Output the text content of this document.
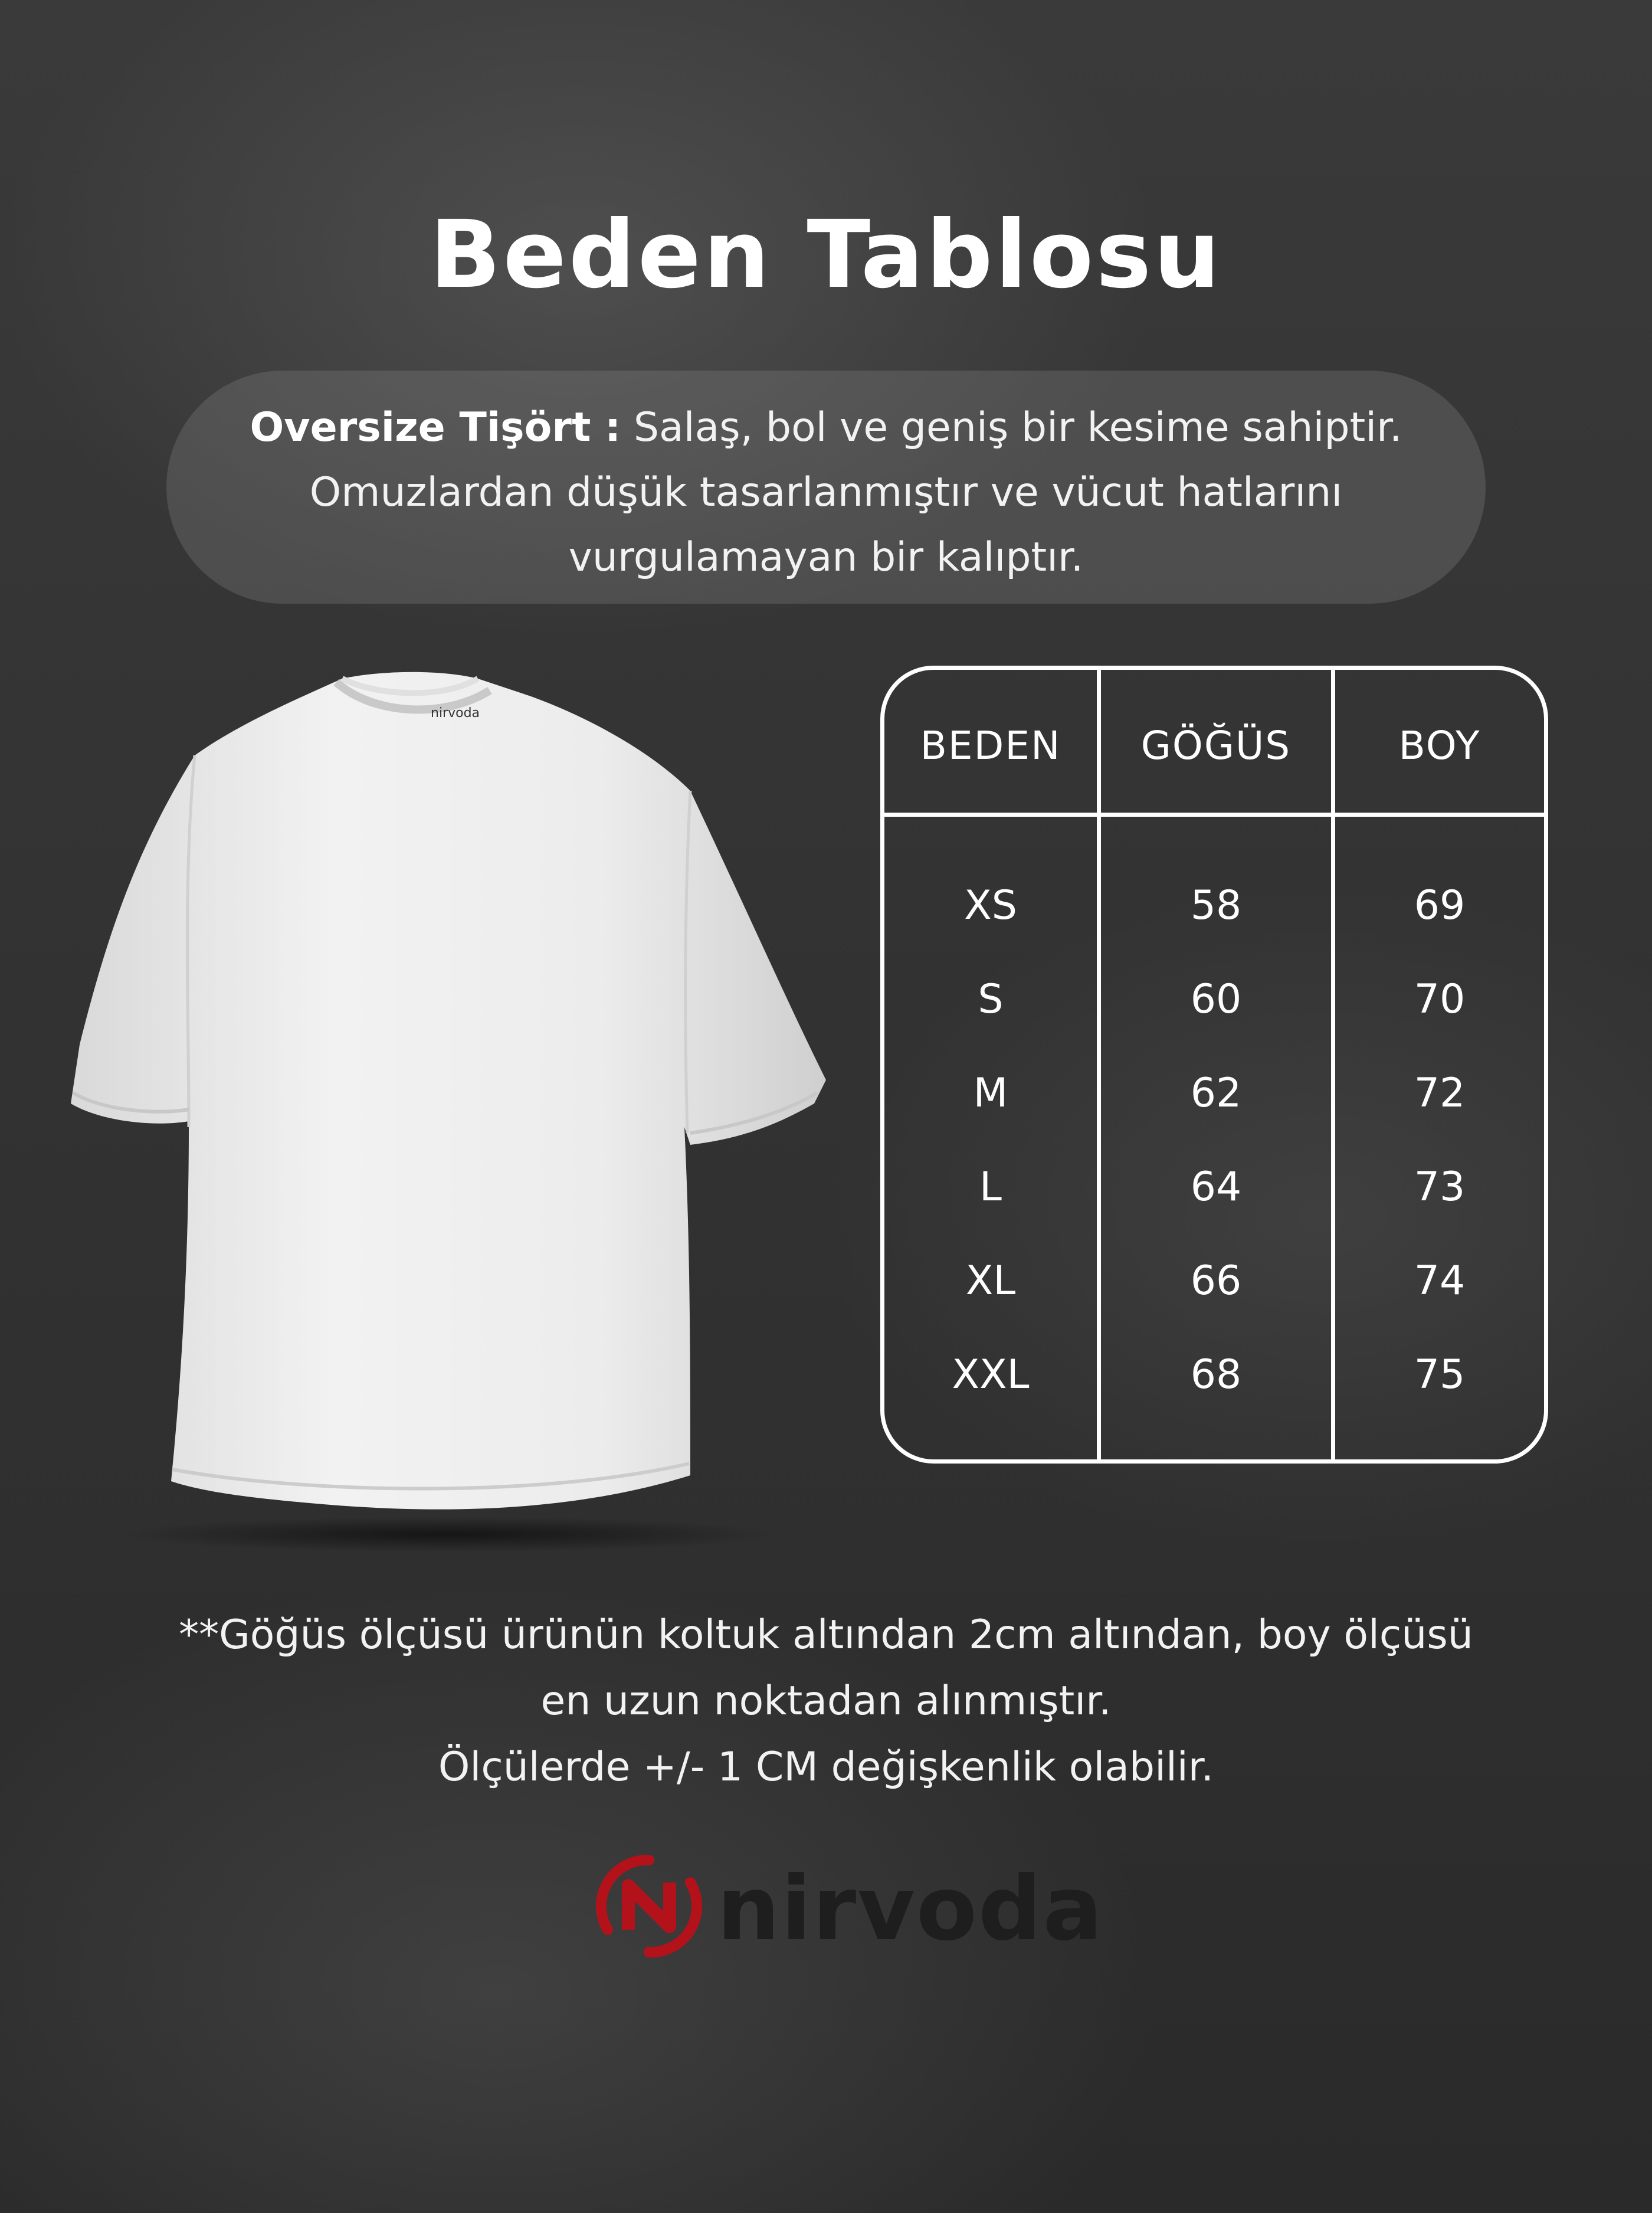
Beden Tablosu
Oversize Tişört : Salaş, bol ve geniş bir kesime sahiptir.
Omuzlardan düşük tasarlanmıştır ve vücut hatlarını
vurgulamayan bir kalıptır.
nirvoda
BEDEN	GÖĞÜS	BOY
XS	58	69
S	60	70
M	62	72
L	64	73
XL	66	74
XXL	68	75
**Göğüs ölçüsü ürünün koltuk altından 2cm altından, boy ölçüsü
en uzun noktadan alınmıştır.
Ölçülerde +/- 1 CM değişkenlik olabilir.
nirvoda
